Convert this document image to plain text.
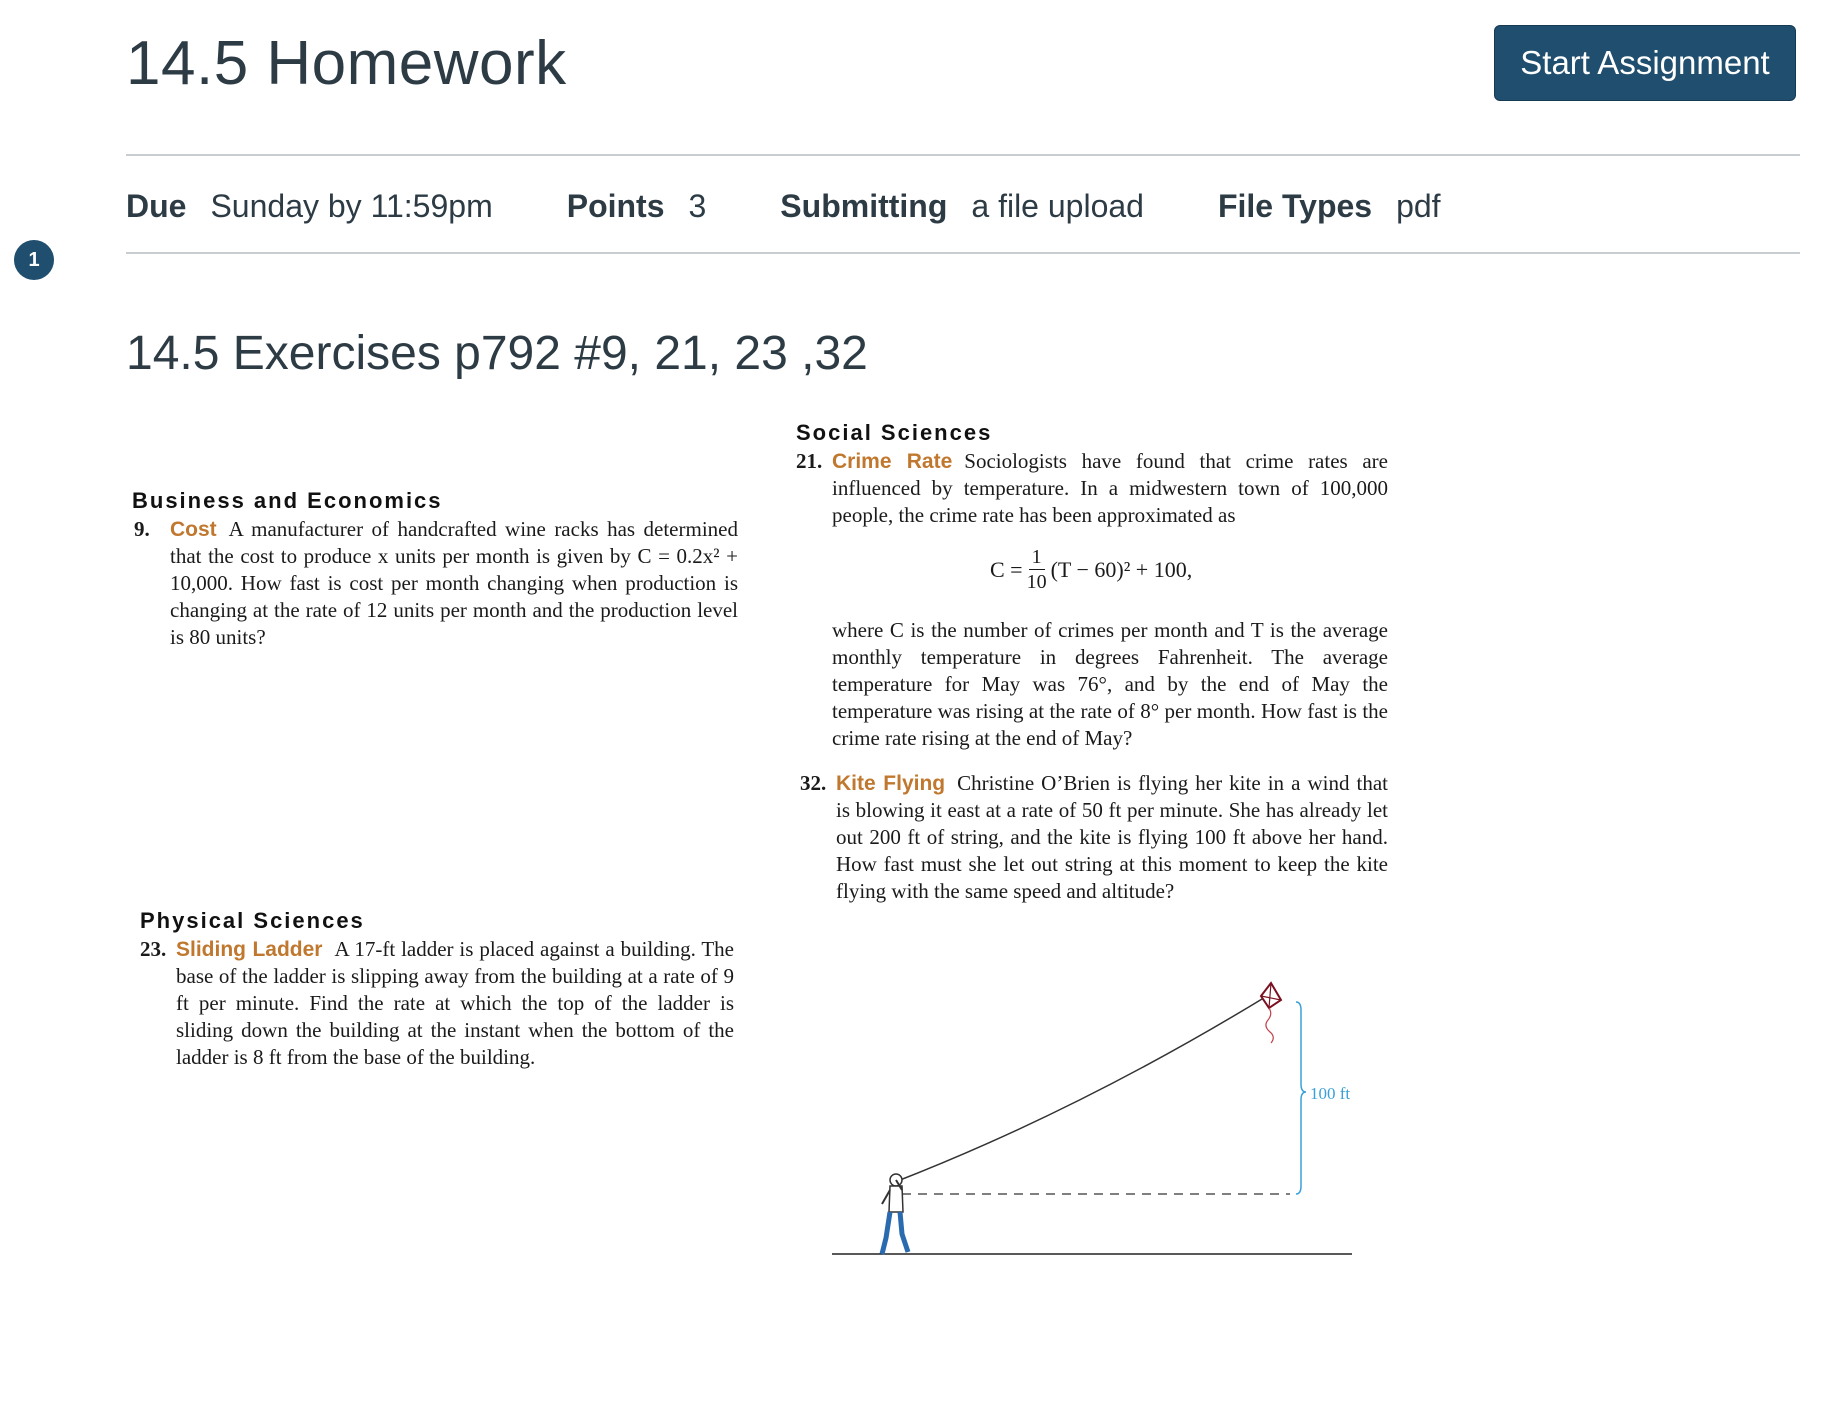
14.5 Homework	Start Assignment
Due Sunday by 11:59pm Points 3 Submitting a file upload File Types pdf
1
14.5 Exercises p792 #9, 21, 23 ,32
Business and Economics
9. Cost A manufacturer of handcrafted wine racks has determined that the cost to produce x units per month is given by C = 0.2x² + 10,000. How fast is cost per month changing when production is changing at the rate of 12 units per month and the production level is 80 units?
Physical Sciences
23. Sliding Ladder A 17-ft ladder is placed against a building. The base of the ladder is slipping away from the building at a rate of 9 ft per minute. Find the rate at which the top of the ladder is sliding down the building at the instant when the bottom of the ladder is 8 ft from the base of the building.
Social Sciences
21. Crime Rate Sociologists have found that crime rates are influenced by temperature. In a midwestern town of 100,000 people, the crime rate has been approximated as
$C = \frac{1}{10} (T - 60)^2 + 100$,
where C is the number of crimes per month and T is the average monthly temperature in degrees Fahrenheit. The average temperature for May was 76°, and by the end of May the temperature was rising at the rate of 8° per month. How fast is the crime rate rising at the end of May?
32. Kite Flying Christine O’Brien is flying her kite in a wind that is blowing it east at a rate of 50 ft per minute. She has already let out 200 ft of string, and the kite is flying 100 ft above her hand. How fast must she let out string at this moment to keep the kite flying with the same speed and altitude?
100 ft
